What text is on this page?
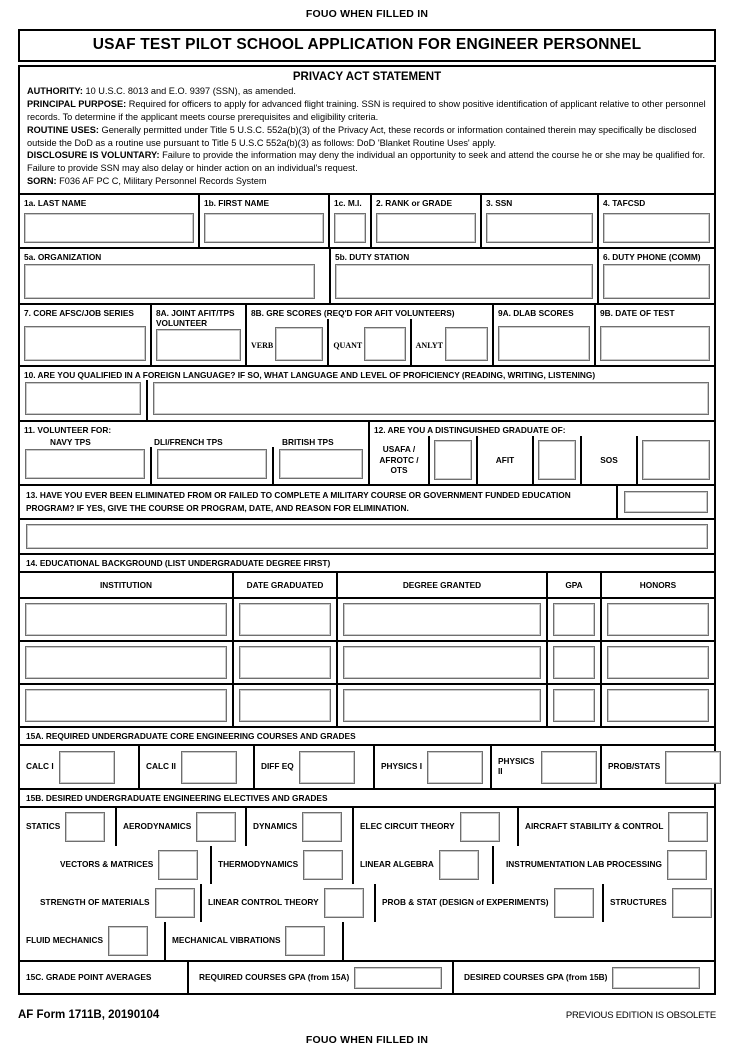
FOUO WHEN FILLED IN
USAF TEST PILOT SCHOOL APPLICATION FOR ENGINEER PERSONNEL
PRIVACY ACT STATEMENT
AUTHORITY: 10 U.S.C. 8013 and E.O. 9397 (SSN), as amended.
PRINCIPAL PURPOSE: Required for officers to apply for advanced flight training. SSN is required to show positive identification of applicant relative to other personnel records. To determine if the applicant meets course prerequisites and eligibility criteria.
ROUTINE USES: Generally permitted under Title 5 U.S.C. 552a(b)(3) of the Privacy Act, these records or information contained therein may specifically be disclosed outside the DoD as a routine use pursuant to Title 5 U.S.C 552a(b)(3) as follows: DoD 'Blanket Routine Uses' apply.
DISCLOSURE IS VOLUNTARY: Failure to provide the information may deny the individual an opportunity to seek and attend the course he or she may be qualified for. Failure to provide SSN may also delay or hinder action on an individual's request.
SORN: F036 AF PC C, Military Personnel Records System
1a. LAST NAME	1b. FIRST NAME	1c. M.I.	2. RANK or GRADE	3. SSN	4. TAFCSD
5a. ORGANIZATION	5b. DUTY STATION	6. DUTY PHONE (COMM)
7. CORE AFSC/JOB SERIES	8A. JOINT AFIT/TPS VOLUNTEER
8B. GRE SCORES (REQ'D FOR AFIT VOLUNTEERS)
VERB	QUANT	ANLYT
9A. DLAB SCORES	9B. DATE OF TEST
10. ARE YOU QUALIFIED IN A FOREIGN LANGUAGE? IF SO, WHAT LANGUAGE AND LEVEL OF PROFICIENCY (READING, WRITING, LISTENING)
11. VOLUNTEER FOR:
NAVY TPS	DLI/FRENCH TPS	BRITISH TPS
12. ARE YOU A DISTINGUISHED GRADUATE OF:
USAFA / AFROTC / OTS
AFIT	SOS
13. HAVE YOU EVER BEEN ELIMINATED FROM OR FAILED TO COMPLETE A MILITARY COURSE OR GOVERNMENT FUNDED EDUCATION PROGRAM? IF YES, GIVE THE COURSE OR PROGRAM, DATE, AND REASON FOR ELIMINATION.
14. EDUCATIONAL BACKGROUND (LIST UNDERGRADUATE DEGREE FIRST)
INSTITUTION	DATE GRADUATED	DEGREE GRANTED	GPA	HONORS
15A. REQUIRED UNDERGRADUATE CORE ENGINEERING COURSES AND GRADES
CALC I	CALC II	DIFF EQ	PHYSICS I	PHYSICS II	PROB/STATS
15B. DESIRED UNDERGRADUATE ENGINEERING ELECTIVES AND GRADES
STATICS	AERODYNAMICS	DYNAMICS	ELEC CIRCUIT THEORY	AIRCRAFT STABILITY & CONTROL
VECTORS & MATRICES	THERMODYNAMICS	LINEAR ALGEBRA	INSTRUMENTATION LAB PROCESSING
STRENGTH OF MATERIALS	LINEAR CONTROL THEORY	PROB & STAT (DESIGN of EXPERIMENTS)	STRUCTURES
FLUID MECHANICS	MECHANICAL VIBRATIONS
15C. GRADE POINT AVERAGES	REQUIRED COURSES GPA (from 15A)	DESIRED COURSES GPA (from 15B)
AF Form 1711B, 20190104	PREVIOUS EDITION IS OBSOLETE
FOUO WHEN FILLED IN
